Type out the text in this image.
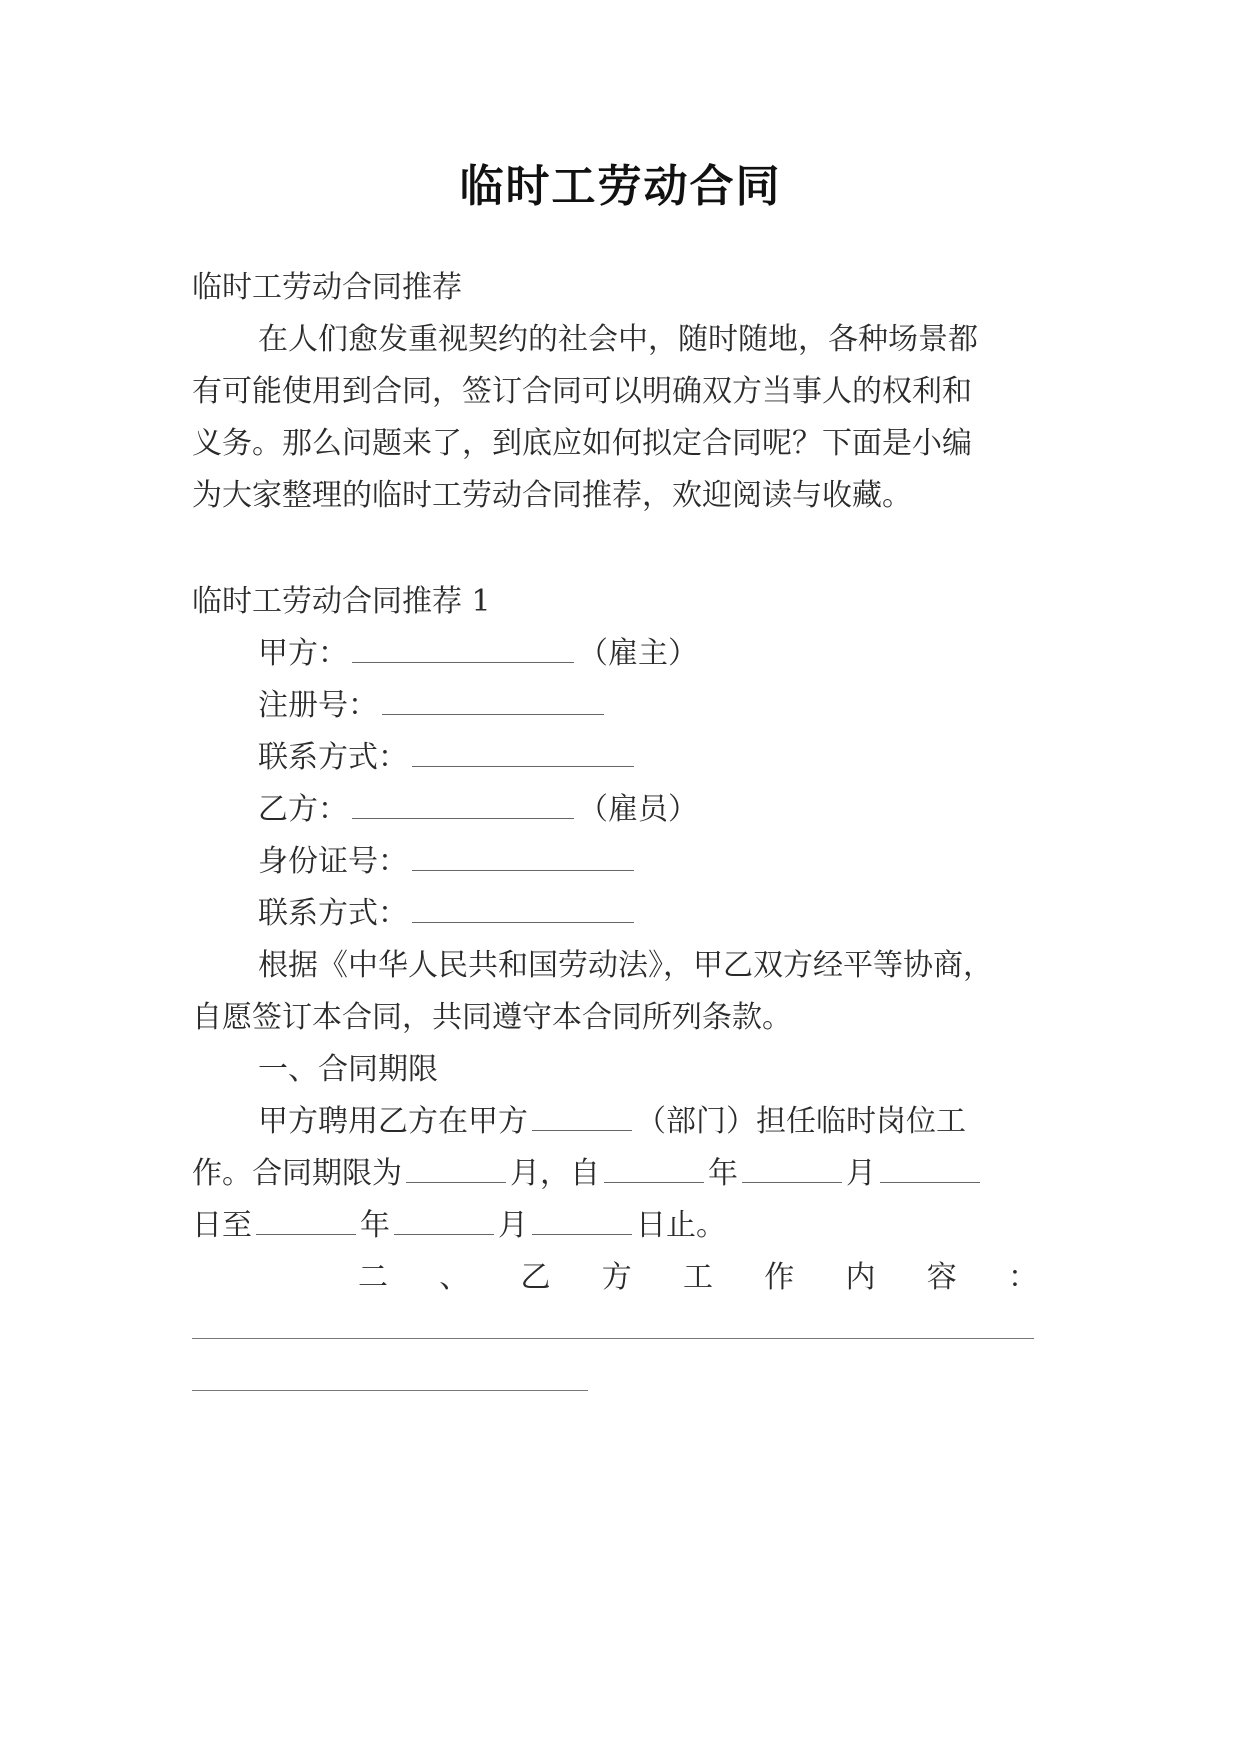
临时工劳动合同
临时工劳动合同推荐
在人们愈发重视契约的社会中，随时随地，各种场景都
有可能使用到合同，签订合同可以明确双方当事人的权利和
义务。那么问题来了，到底应如何拟定合同呢？下面是小编
为大家整理的临时工劳动合同推荐，欢迎阅读与收藏。
临时工劳动合同推荐 1
甲方：	（雇主）
注册号：
联系方式：
乙方：	（雇员）
身份证号：
联系方式：
根据《中华人民共和国劳动法》，甲乙双方经平等协商，
自愿签订本合同，共同遵守本合同所列条款。
一、合同期限
甲方聘用乙方在甲方	（部门）担任临时岗位工
作。合同期限为	月，自	年	月
日至	年	月	日止。
二 、 乙 方 工 作 内 容 ：
